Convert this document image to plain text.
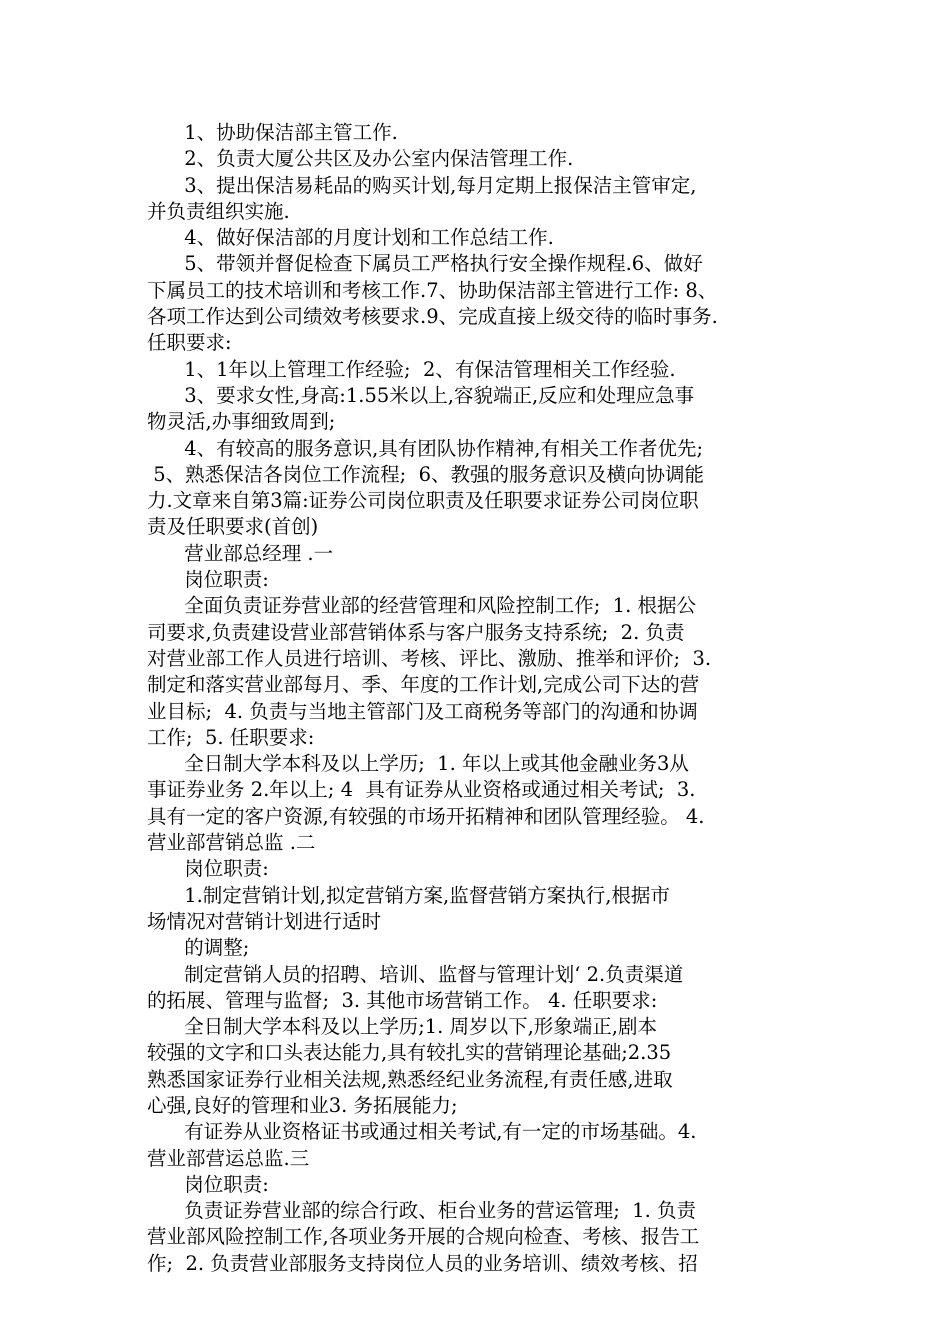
1、协助保洁部主管工作.
2、负责大厦公共区及办公室内保洁管理工作.
3、提出保洁易耗品的购买计划,每月定期上报保洁主管审定,
并负责组织实施.
4、做好保洁部的月度计划和工作总结工作.
5、带领并督促检查下属员工严格执行安全操作规程.6、做好
下属员工的技术培训和考核工作.7、协助保洁部主管进行工作: 8、
各项工作达到公司绩效考核要求.9、完成直接上级交待的临时事务.
任职要求:
1、1年以上管理工作经验;  2、有保洁管理相关工作经验.
3、要求女性,身高:1.55米以上,容貌端正,反应和处理应急事
物灵活,办事细致周到;
4、有较高的服务意识,具有团队协作精神,有相关工作者优先;
5、熟悉保洁各岗位工作流程;  6、教强的服务意识及横向协调能
力.文章来自第3篇:证券公司岗位职责及任职要求证券公司岗位职
责及任职要求(首创)
营业部总经理 .一
岗位职责:
全面负责证券营业部的经营管理和风险控制工作;  1. 根据公
司要求,负责建设营业部营销体系与客户服务支持系统;  2. 负责
对营业部工作人员进行培训、考核、评比、激励、推举和评价;  3.
制定和落实营业部每月、季、年度的工作计划,完成公司下达的营
业目标;  4. 负责与当地主管部门及工商税务等部门的沟通和协调
工作;  5. 任职要求:
全日制大学本科及以上学历;  1. 年以上或其他金融业务3从
事证券业务 2.年以上; 4  具有证券从业资格或通过相关考试;  3.
具有一定的客户资源,有较强的市场开拓精神和团队管理经验。 4.
营业部营销总监 .二
岗位职责:
1.制定营销计划,拟定营销方案,监督营销方案执行,根据市
场情况对营销计划进行适时
的调整;
制定营销人员的招聘、培训、监督与管理计划‘ 2.负责渠道
的拓展、管理与监督;  3. 其他市场营销工作。 4. 任职要求:
全日制大学本科及以上学历;1. 周岁以下,形象端正,剧本
较强的文字和口头表达能力,具有较扎实的营销理论基础;2.35
熟悉国家证券行业相关法规,熟悉经纪业务流程,有责任感,进取
心强,良好的管理和业3. 务拓展能力;
有证券从业资格证书或通过相关考试,有一定的市场基础。4.
营业部营运总监.三
岗位职责:
负责证券营业部的综合行政、柜台业务的营运管理;  1. 负责
营业部风险控制工作,各项业务开展的合规向检查、考核、报告工
作;  2. 负责营业部服务支持岗位人员的业务培训、绩效考核、招
